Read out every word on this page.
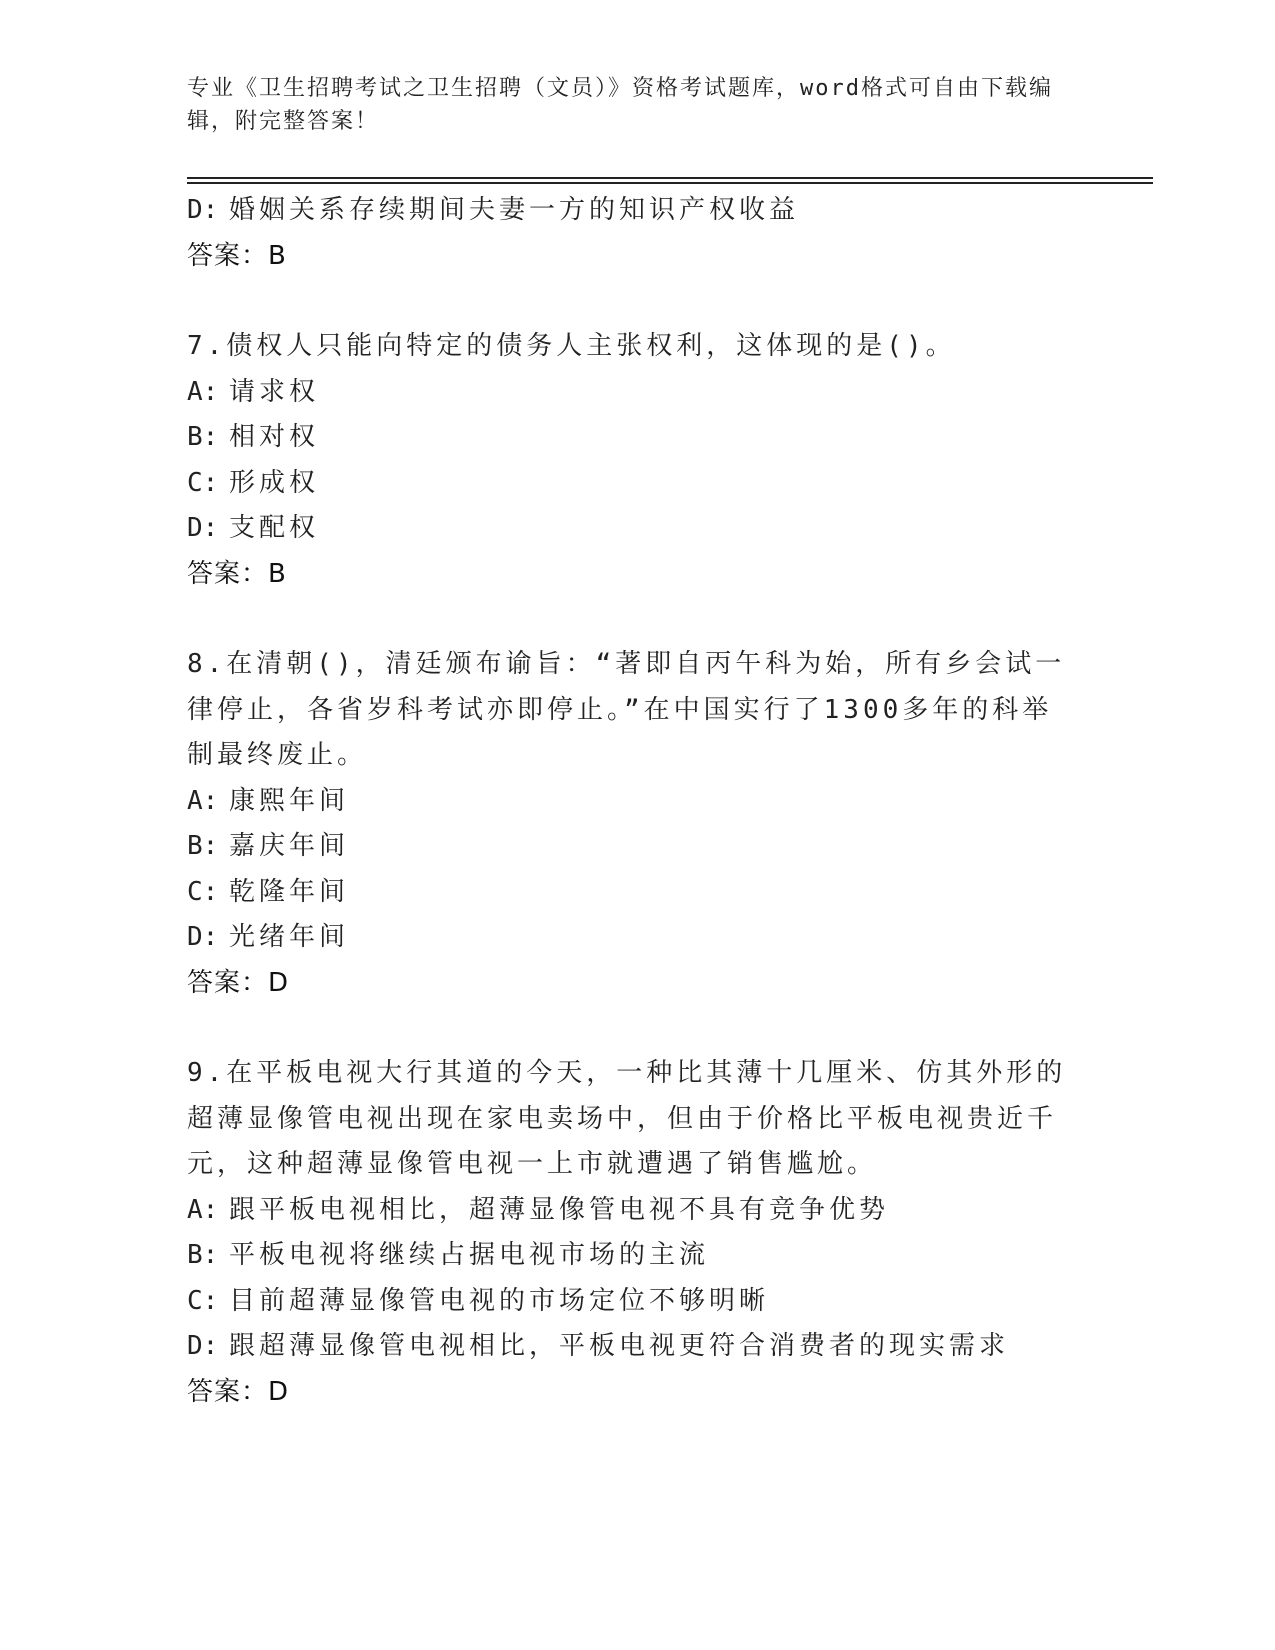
专业《卫生招聘考试之卫生招聘（文员）》资格考试题库，word格式可自由下载编辑，附完整答案！
D: 婚姻关系存续期间夫妻一方的知识产权收益
答案：B
7.债权人只能向特定的债务人主张权利，这体现的是()。
A: 请求权
B: 相对权
C: 形成权
D: 支配权
答案：B
8.在清朝()，清廷颁布谕旨：“著即自丙午科为始，所有乡会试一律停止，各省岁科考试亦即停止。”在中国实行了1300多年的科举制最终废止。
A: 康熙年间
B: 嘉庆年间
C: 乾隆年间
D: 光绪年间
答案：D
9.在平板电视大行其道的今天，一种比其薄十几厘米、仿其外形的超薄显像管电视出现在家电卖场中，但由于价格比平板电视贵近千元，这种超薄显像管电视一上市就遭遇了销售尴尬。
A: 跟平板电视相比，超薄显像管电视不具有竞争优势
B: 平板电视将继续占据电视市场的主流
C: 目前超薄显像管电视的市场定位不够明晰
D: 跟超薄显像管电视相比，平板电视更符合消费者的现实需求
答案：D
